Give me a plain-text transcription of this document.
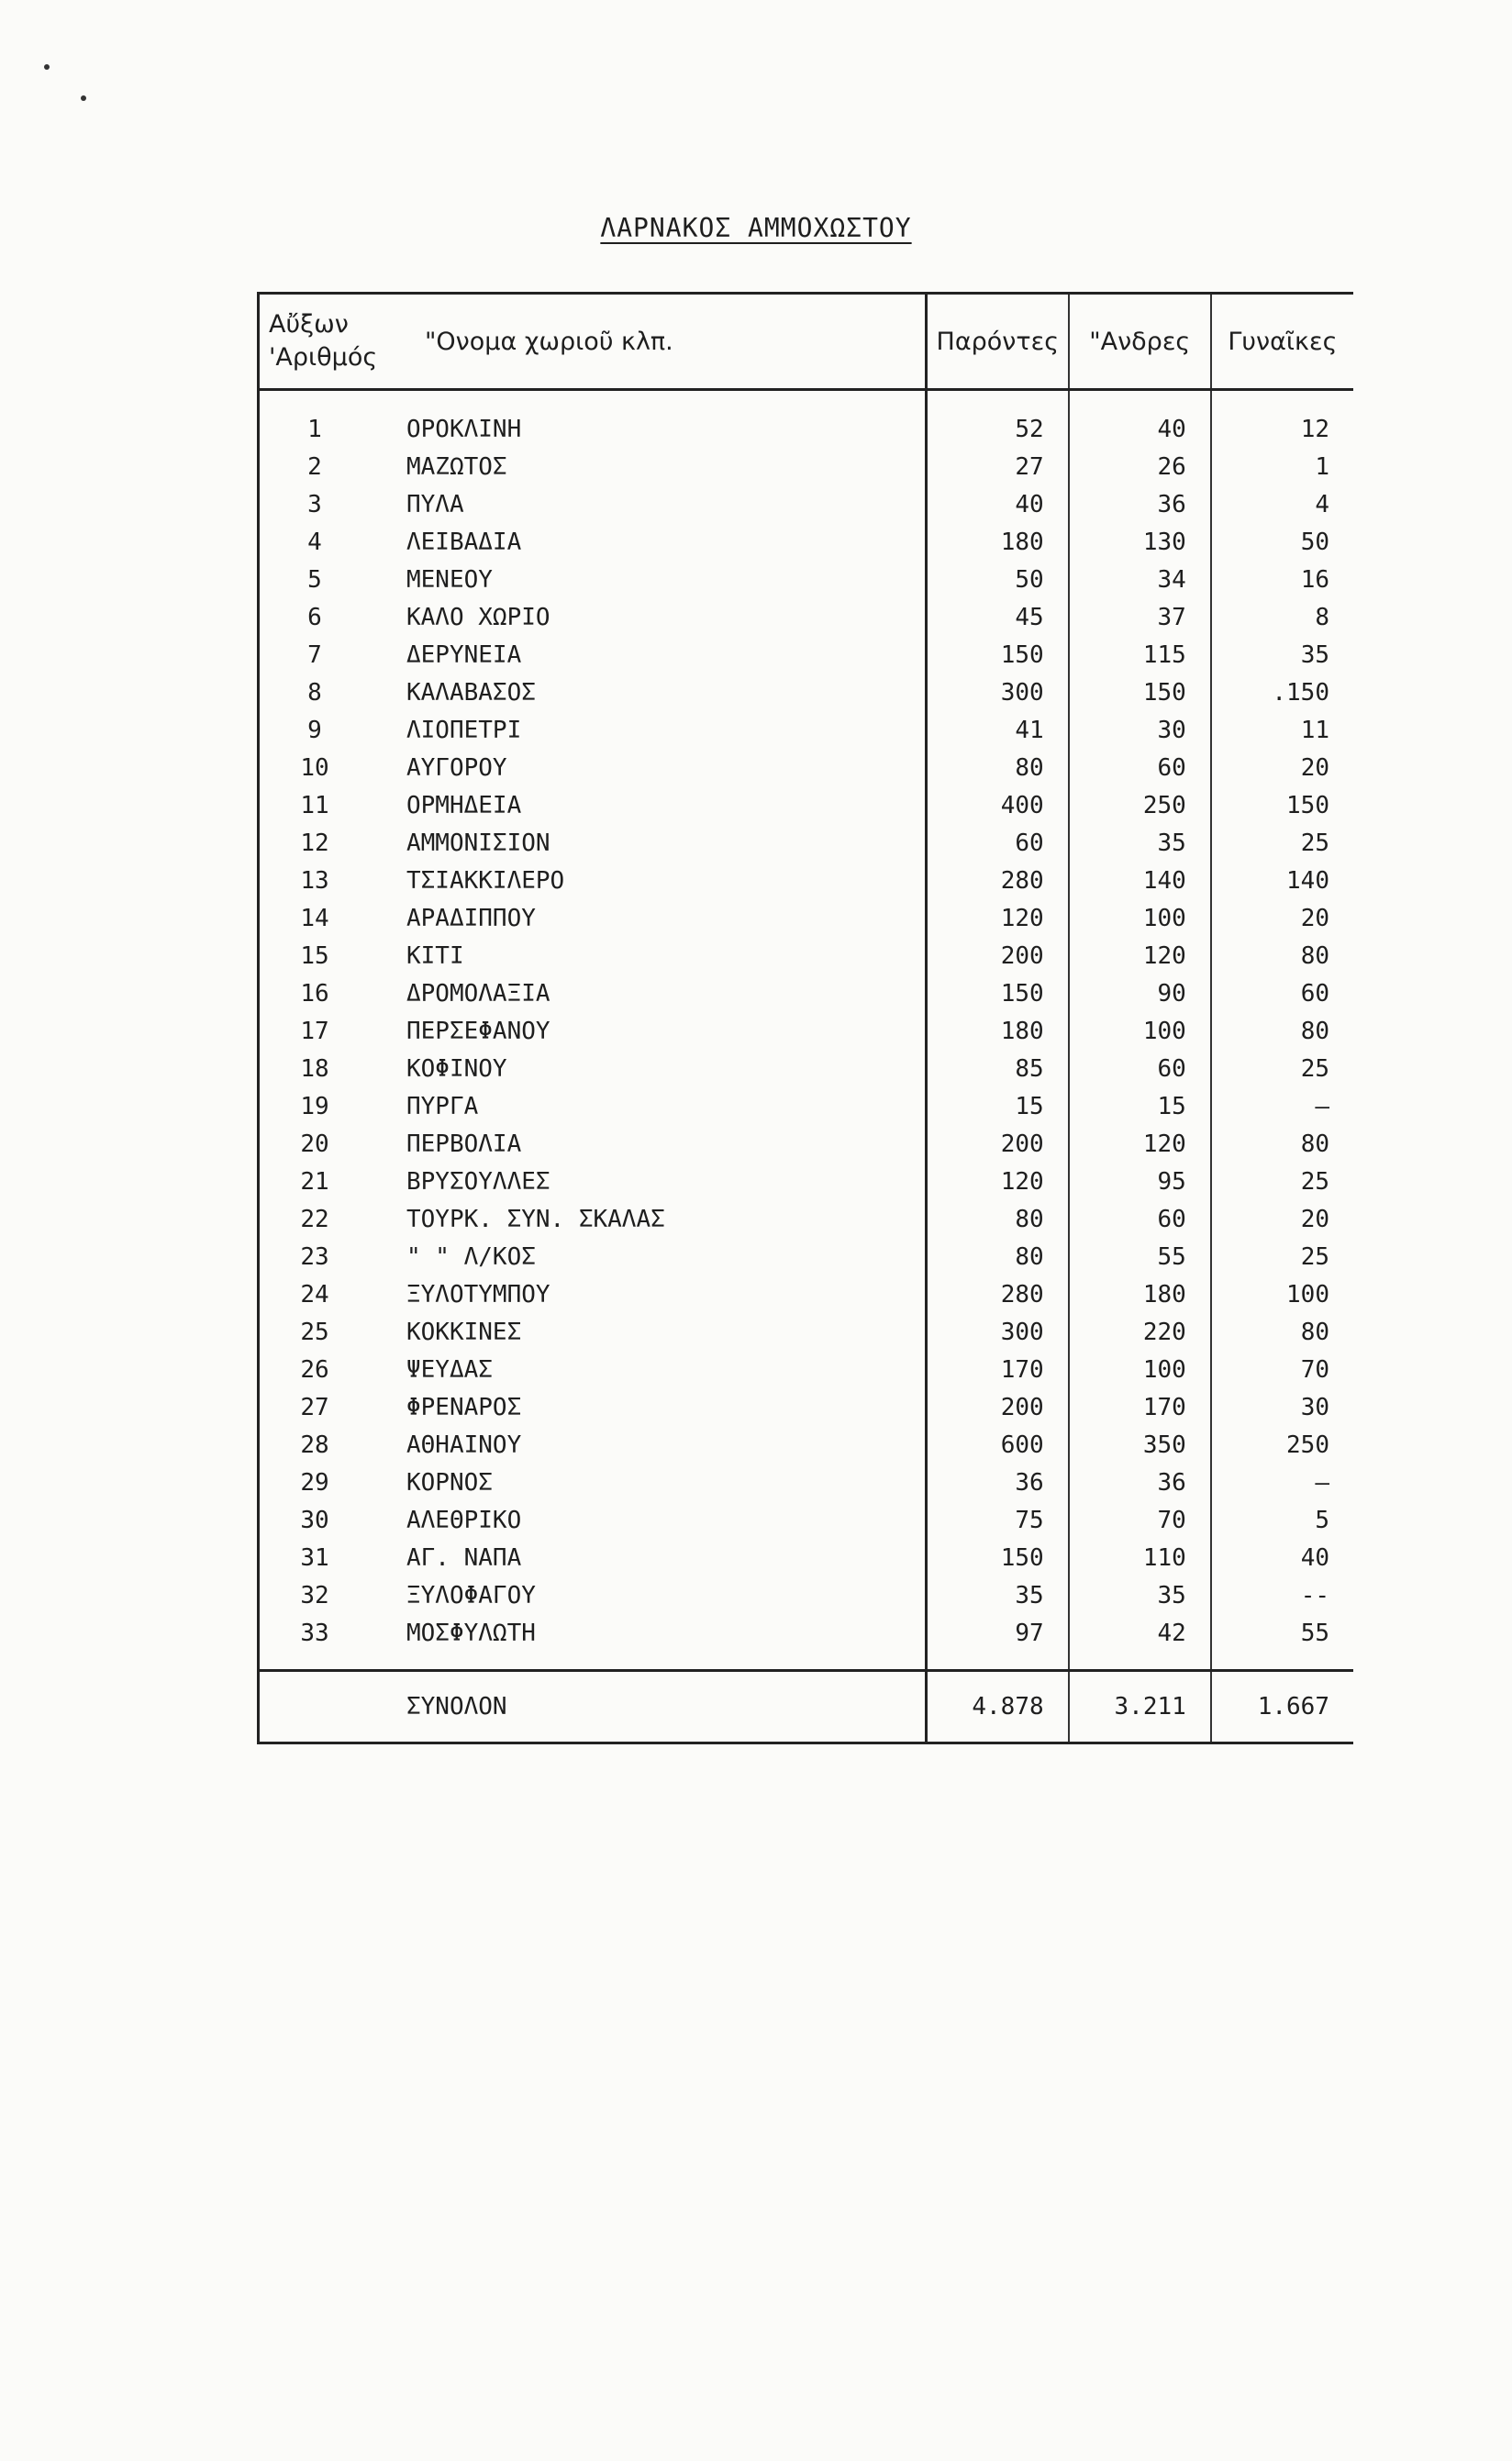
ΛΑΡΝΑΚΟΣ ΑΜΜΟΧΩΣΤΟΥ
Αὔξων
'Αριθμός	"Ονομα χωριοῦ κλπ.	Παρόντες	"Ανδρες	Γυναῖκες
1	ΟΡΟΚΛΙΝΗ	52	40	12
2	ΜΑΖΩΤΟΣ	27	26	1
3	ΠΥΛΑ	40	36	4
4	ΛΕΙΒΑΔΙΑ	180	130	50
5	ΜΕΝΕΟΥ	50	34	16
6	ΚΑΛΟ ΧΩΡΙΟ	45	37	8
7	ΔΕΡΥΝΕΙΑ	150	115	35
8	ΚΑΛΑΒΑΣΟΣ	300	150	.150
9	ΛΙΟΠΕΤΡΙ	41	30	11
10	ΑΥΓΟΡΟΥ	80	60	20
11	ΟΡΜΗΔΕΙΑ	400	250	150
12	ΑΜΜΟΝΙΣΙΟΝ	60	35	25
13	ΤΣΙΑΚΚΙΛΕΡΟ	280	140	140
14	ΑΡΑΔΙΠΠΟΥ	120	100	20
15	ΚΙΤΙ	200	120	80
16	ΔΡΟΜΟΛΑΞΙΑ	150	90	60
17	ΠΕΡΣΕΦΑΝΟΥ	180	100	80
18	ΚΟΦΙΝΟΥ	85	60	25
19	ΠΥΡΓΑ	15	15	–
20	ΠΕΡΒΟΛΙΑ	200	120	80
21	ΒΡΥΣΟΥΛΛΕΣ	120	95	25
22	ΤΟΥΡΚ. ΣΥΝ. ΣΚΑΛΑΣ	80	60	20
23	" " Λ/ΚΟΣ	80	55	25
24	ΞΥΛΟΤΥΜΠΟΥ	280	180	100
25	ΚΟΚΚΙΝΕΣ	300	220	80
26	ΨΕΥΔΑΣ	170	100	70
27	ΦΡΕΝΑΡΟΣ	200	170	30
28	ΑΘΗΑΙΝΟΥ	600	350	250
29	ΚΟΡΝΟΣ	36	36	–
30	ΑΛΕΘΡΙΚΟ	75	70	5
31	ΑΓ. ΝΑΠΑ	150	110	40
32	ΞΥΛΟΦΑΓΟΥ	35	35	--
33	ΜΟΣΦΥΛΩΤΗ	97	42	55
	ΣΥΝΟΛΟΝ	4.878	3.211	1.667
